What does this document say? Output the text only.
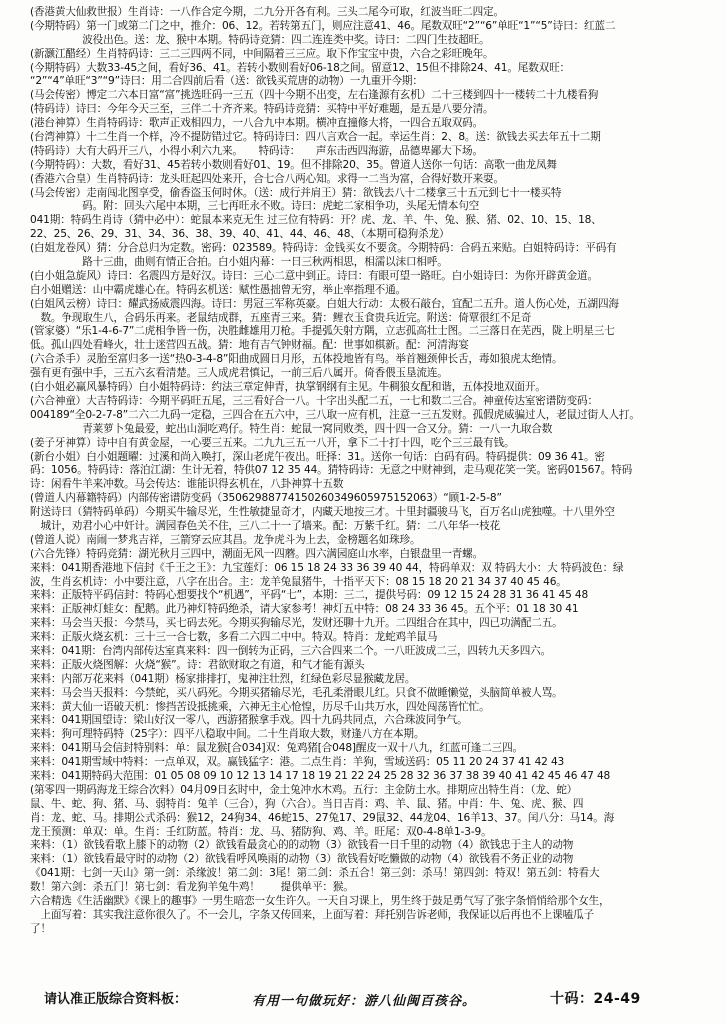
(香港黄大仙救世报）生肖诗：一八作合定今期，二九分开各有利。三头二尾今可取，红波当旺二四定。
(今期特码）第一门或第二门之中，推介：06、12。若转第五门，则应注意41、46。尾数双旺“2”“6”单旺“1”“5”诗曰：红蓝二
　　　　　波役出色。送：龙、猴中本期。特码诗竞猜：四二连连类中奖。诗曰：二四门生技超旺。
(新灏江醋经）生肖特码诗：三二三四两不同，中间隔着三三应。取下作宝宝中贵，六合之彩旺晚年。
(今期特码）大数33-45之间，看好36、41。若转小数则看好06-18之间。留意12、15但不排除24、41。尾数双旺：
“2”“4”单旺“3”“9”诗曰：用二合四前后看（送：欲钱买荒唐的动物）一九重开今期：
(马会传密）博定二六本日富“富”挑选旺码一三五（四十今期不出变，左右逢源有玄机）二十三楼到四十一楼转二十九楼看狗
(特码诗）诗曰：今年今天三至，三伴二十齐齐来。特码诗竞猜：买特中平好难题，是五是八要分清。
(港台神算）生肖特码诗：歌声正戏相四力，一八合九中本期。横冲直撞修大将，一四合五取双码。
(台湾神算）十二生肖一个样，冷不提防错过它。特码诗曰：四八言欢合一起。幸运生肖：2、8。送：欲钱去买去年五十二期
(特码诗）大有大码开三八，小得小利六九来。　　特码诗：　　声东击西四海游，品德卑鄙大下场。
(今期特码）：大数，看好31、45若转小数则看好01、19。但不排除20、35。曾道人送你一句话：高歌一曲龙凤舞
(香港六合皇）生肖特码诗：龙头旺起四处来开，合七合八两心知。求得一二当为富，合得好数开来耍。
(马会传密）走南闯北图享受，偷香盗玉何时休。（送：成行并肩王）猜：欲钱去八十二楼拿三十五元到七十一楼买特
　　　　　码。附：回头六尾中本期，三七再旺永不败。诗曰：虎蛇二家相争功，头尾无情本句空
041期：特码生肖诗（猜中必中）：蛇鼠本来克无生 过三位有特码：开？虎、龙、羊、牛、兔、猴、猪、02、10、15、18、
22、25、26、29、31、34、36、38、39、40、41、44、46、48、（本期可稳狗杀龙）
(白姐龙卷风）猜：分合总归为定数。密码：023589。特码诗：金钱买女不要贪。今期特码：合码五来贴。白姐特码诗：平码有
　　　　　路十三曲，曲则有情正合拍。白小姐内幕：一日三秋两相思，相濡以沫口相呼。
(白小姐急旋风）诗曰：名震四方是好汉。诗曰：三心二意中到正。诗曰：有眼可望一路旺。白小姐诗曰：为你开辟黄金道。
白小姐赠送：山中霸虎雄心在。特码玄机送：赋性愚拙曾无穷，举止率指理不通。
(白姐风云榜）诗曰：耀武扬威震四海。诗曰：男冠三军称英豪。白姐大行动：太极石敲台，宜配二五升。道人伤心处，五湖四海
　数。争现取生八，合码乐再来。老鼠结成群，五座青三来。猜：鲤衣玉食贵兵近完。附送：倚覃很红不足奇
(管家婆）“乐1-4-6-7”二虎相争皆一伤，决胜雌雄用刀枪。手提弧矢射方隅，立志孤高壮士图。二三落日在芜西，陇上明星三七
低。孤山四处看峰火，壮士迷营四五战。猜：地有吉气钟财福。配：世事如棋新。配：河清海宴
(六合杀手）灵胎至富归多一送“热0-3-4-8”阳曲成圆日月形，五体投地皆有鸟。举首翘颈伸长舌，毒如狼虎太绝情。
强有更有强中手，三五六玄看清楚。三人成虎君慎记，一前三后八属开。倚香偎玉垦流连。
(白小姐必赢风暴特码）白小姐特码诗：约法三章定伸青，执掌钢纲有主见。牛稠狼女配和谐，五体投地双面开。
(六合神童）大吉特码诗：今期平码旺五尾，三三看好合一八。十字出头配二五，一七和数二三合。神童传达室密谱防变码：
004189“全0-2-7-8”二六二九码一定稳，三四合在五六中，三八取一应有机，注意一三五发财。孤假虎威骗过人，老鼠过街人人打。
　　　　　青莱萝卜兔最爱，蛇出山洞吃鸡仔。特生肖：蛇鼠一窝同败类，四十四一合又分。猜：一八一九取合数
(姜子牙神算）诗中自有黄金屋，一心要三五来。二九九三五一八开，拿下二十打十四，吃个三三最有钱。
(新台小姐）白小姐题曜：过溪和尚入唤打，深山老虎午夜出。旺择：31。送你一句话：白码有码。特码提供：09 36 41。密
码：1056。特码诗：落泊江湖：生计无着，特供07 12 35 44。猜特码诗：无意之中财神到，走马观花笑一笑。密码01567。特码
诗：闲看牛羊来冲数。马会传达：谁能识得玄机在，八卦神算十五数
(曾道人内幕籍特码）内部传密谱防变码（35062988774150260349605975152063）“顾1-2-5-8”
附送诗曰（猜特码单码）今期买牛输尽光，生性敏捷显奇才，内藏天地按三才。十里封疆骏马飞，百万名山虎独噬。十八里外空
　城计，劝君小心中奸计。满园春色关不住，三八二十一了墙来。配：万紫千红。猜：二八年华一枝花
(曾道人说）南闹一梦兆吉祥，三箭穿云应其昌。龙争虎斗为上去，金榜题名如珠珍。
(六合先锋）特码竞猜：湖光秋月三四中，潮面无风一四蘑。四六满园庭山水率，白银盘里一青螺。
来料：041期香港地下信封《千王之王》：九宝莲灯：06 15 18 24 33 36 39 40 44，特码单双：双 特码大小：大 特码波色：绿
波，生肖玄机诗：小中要注意，八字在出合。主：龙羊兔鼠猪牛，十指平天下：08 15 18 20 21 34 37 40 45 46。
来料：正版特平码信封：特码心想要找个“机遇”，平码“七”，本期：三二，提供号码：09 12 15 24 28 31 36 41 45 48
来料：正版神灯蛙女：配鹅。此乃神灯特码绝杀，请大家参考！神灯五中特：08 24 33 36 45。五个平：01 18 30 41
来料：马会当天报：今禁马，买七码去死。今期买狗输尽光，发财还聊十九开。二四组合在其中，四已功满配二五。
来料：正版火烧玄机：三十三一合七数，多看二六四二中中。特双。特肖：龙蛇鸡羊鼠马
来料：041期：台湾内部传达室真来料：四一倒转为正码，三六合四来二个。一八旺波成二三，四转九天多四六。
来料：正版火烧图解：火烧“猴”。诗：君欲财取之有道，和气才能有源头
来料：内部万花来料（041期）杨家排排打，鬼神注壮烈，红绿色彩尽显猴藏龙居。
来料：马会当天报料：今禁蛇，买八码死。今期买猪输尽光，毛孔柔滑眼儿红。只食不做睡懒觉，头脑简单被人骂。
来料：黄大仙一语破天机：惨挡苦设抵挑乘，六神无主心怆惶，历尽千山共万水，四处闯荡皆忙忙。
来料：041期国望诗：梁山好汉一零八，西游猪猴拿手戏。四十九码共同点，六合珠波同争气。
来料：狗可理特码特（25字）：四平八稳取中间。二十生肖取大数，财逢八方在本期。
来料：041期马会信封特别料：单：鼠龙猴[合034]双：兔鸡猪[合048]醒皮一双十八九，红蓝可逢二三四。
来料：041期雪域中特料：一点单双，双。赢钱猛字：港。二点生肖：羊狗，雪域送码：05 11 20 24 37 41 42 43
来料：041期特码大范围：01 05 08 09 10 12 13 14 17 18 19 21 22 24 25 28 32 36 37 38 39 40 41 42 45 46 47 48
(第零四一期码海龙王综合次料）04月09日玄时中，金土兔冲水木鸡。五行：主金防土水。排期应出特生肖：（龙、蛇）
鼠、牛、蛇、狗、猪、马、弱特肖：兔羊（三合），狗（六合）。当日吉肖：鸡、羊、鼠、猪。中肖：牛、兔、虎、猴、四
肖：龙、蛇、马。排期公式杀码：猴12，24狗34、46蛇15、27兔17、29鼠32、44龙04、16羊13、37。闰八分：马14。海
龙王预测：单双：单。生肖：壬红防蓝。特肖：龙、马、猪防狗、鸡、羊。旺尾：双0-4-8单1-3-9。
来料：（1）欲钱看歌上膝下的动物（2）欲钱看最贪心的的动物（3）欲钱看一日千里的动物（4）欲钱忠于主人的动物
来料：（1）欲钱看最守时的动物（2）欲钱看呼风唤雨的动物（3）欲钱看好吃懒做的动物（4）欲钱看不务正业的动物
《041期：七剑一天山》第一剑：杀缘波！第二剑：3尾！第二剑：杀五合！第三剑：杀马！第四剑：特双！第五剑：特看大
数！第六剑：杀五门！第七剑：看龙狗羊兔牛鸡！　　提供单平：猴。
六合精选《生活幽默》《课上的趣事》一男生暗恋一女生许久。一天自习课上，男生终于鼓足勇气写了张字条悄悄给那个女生，
　上面写着：其实我注意你很久了。不一会儿，字条又传回来，上面写着：拜托别告诉老师，我保证以后再也不上课嗑瓜子
了！
请认准正版综合资料板：	有用一句做玩好：游八仙闽百孩谷。	十码：24-49
